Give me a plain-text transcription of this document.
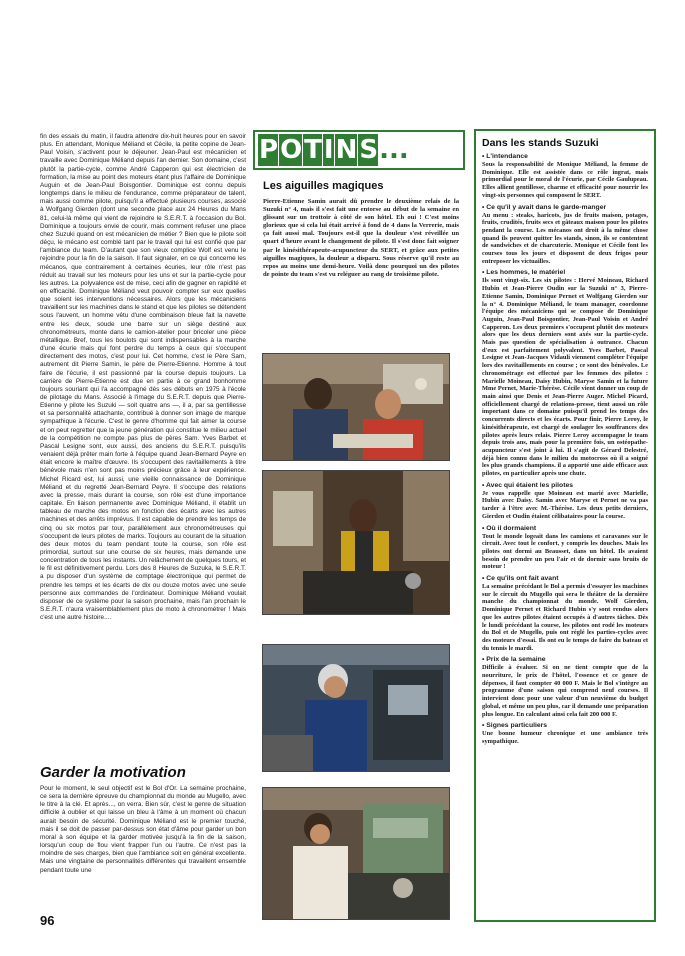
fin des essais du matin, il faudra attendre dix-huit heures pour en savoir plus. En attendant, Monique Méliand et Cécile, la petite copine de Jean-Paul Voisin, s'activent pour le déjeuner. Jean-Paul est mécanicien et travaille avec Dominique Méliand depuis l'an dernier. Son domaine, c'est plutôt la partie-cycle, comme André Capperon qui est électricien de formation, la mise au point des moteurs étant plus l'affaire de Dominique Auguin et de Jean-Paul Boisgontier. Dominique est connu depuis longtemps dans le milieu de l'endurance, comme préparateur de talent, mais aussi comme pilote, puisqu'il a effectué plusieurs courses, associé à Wolfgang Gierden (dont une seconde place aux 24 Heures du Mans 81, celui-là même qui vient de rejoindre le S.E.R.T. à l'occasion du Bol. Dominique a toujours envie de courir, mais comment refuser une place chez Suzuki quand on est mécanicien de métier ? Bien que le pilote soit déçu, le mécano est comblé tant par le travail qui lui est confié que par l'ambiance du team. D'autant que son vieux complice Wolf est venu le rejoindre pour la fin de la saison. Il faut signaler, en ce qui concerne les mécanos, que contrairement à certaines écuries, leur rôle n'est pas réduit au travail sur les moteurs pour les uns et sur la partie-cycle pour les autres. La polyvalence est de mise, ceci afin de gagner en rapidité et en efficacité. Dominique Méliand veut pouvoir compter sur eux quelles que soient les interventions nécessaires. Alors que les mécaniciens travaillent sur les machines dans le stand et que les pilotes se détendent sous l'auvent, un homme vêtu d'une combinaison bleue fait la navette entre les deux, soude une barre sur un siège destiné aux chronométreurs, monte dans le camion-atelier pour bricoler une pièce métallique. Bref, tous les boulots qui sont indispensables à la marche d'une écurie mais qui font perdre du temps à ceux qui s'occupent directement des motos, c'est pour lui. Cet homme, c'est le Père Sam, autrement dit Pierre Samin, le père de Pierre-Etienne. Homme à tout faire de l'écurie, il est passionné par la course depuis toujours. La carrière de Pierre-Etienne est due en partie à ce grand bonhomme toujours souriant qui l'a accompagné dès ses débuts en 1975 à l'école de pilotage du Mans. Associé à l'image du S.E.R.T. depuis que Pierre-Etienne y pilote les Suzuki — soit quatre ans —, il a, par sa gentillesse et sa personnalité attachante, contribué à donner son image de marque sympathique à l'écurie. C'est le genre d'homme qui fait aimer la course et on peut regretter que la jeune génération qui constitue le milieu actuel de la compétition ne compte pas plus de pères Sam. Yves Barbet et Pascal Lesigne sont, eux aussi, des anciens du S.E.R.T. puisqu'ils venaient déjà prêter main forte à l'équipe quand Jean-Bernard Peyre en était encore le maître d'œuvre. Ils s'occupent des ravitaillements à titre bénévole mais n'en sont pas moins précieux grâce à leur expérience. Michel Ricard est, lui aussi, une vieille connaissance de Dominique Méliand et du regretté Jean-Bernard Peyre. Il s'occupe des relations avec la presse, mais durant la course, son rôle est d'une importance capitale. En liaison permanente avec Dominique Méliand, il établit un tableau de marche des motos en fonction des écarts avec les autres machines et des arrêts imprévus. Il est capable de prendre les temps de cinq ou six motos par tour, parallèlement aux chronométreuses qui s'occupent de leurs pilotes de marks. Toujours au courant de la situation des deux motos du team pendant toute la course, son rôle est primordial, surtout sur une course de six heures, mais demande une concentration de tous les instants. Un relâchement de quelques tours, et le fil est définitivement perdu. Lors des 8 Heures de Suzuka, le S.E.R.T. a pu disposer d'un système de comptage électronique qui permet de prendre les temps et les écarts de dix ou douze motos avec une seule personne aux commandes de l'ordinateur. Dominique Méliand voulait disposer de ce système pour la saison prochaine, mais l'an prochain le S.E.R.T. n'aura vraisemblablement plus de moto à chronométrer ! Mais c'est une autre histoire....

Garder la motivation

Pour le moment, le seul objectif est le Bol d'Or. La semaine prochaine, ce sera la dernière épreuve du championnat du monde au Mugello, avec le titre à la clé. Et après..., on verra. Bien sûr, c'est le genre de situation difficile à oublier et qui laisse un bleu à l'âme à un moment où chacun aurait besoin de sécurité. Dominique Méliand est le premier touché, mais il se doit de passer par-dessus son état d'âme pour garder un bon moral à son équipe et la garder motivée jusqu'à la fin de la saison, lorsqu'un coup de flou vient frapper l'un ou l'autre. Ce n'est pas la moindre de ses charges, bien que l'ambiance soit en général excellente. Mais une vingtaine de personnalités différentes qui travaillent ensemble pendant toute une

96
P O T I N S ...
Les aiguilles magiques
Pierre-Etienne Samin aurait dû prendre le deuxième relais de la Suzuki n° 4, mais il s'est fait une entorse au début de la semaine en glissant sur un trottoir à côté de son hôtel. Eh oui ! C'est moins glorieux que si cela lui était arrivé à fond de 4 dans la Verrerie, mais ça fait aussi mal. Toujours est-il que la douleur s'est réveillée un quart d'heure avant le changement de pilote. Il s'est donc fait soigner par le kinésithérapeute-acupuncteur du SERT, et grâce aux petites aiguilles magiques, la douleur a disparu. Sous réserve qu'il reste au repos au moins une demi-heure. Voilà donc pourquoi un des pilotes de pointe du team s'est vu reléguer au rang de troisième pilote.
Dans les stands Suzuki
• L'intendance
Sous la responsabilité de Monique Méliand, la femme de Dominique. Elle est assistée dans ce rôle ingrat, mais primordial pour le moral de l'écurie, par Cécile Gaulupeau. Elles allient gentillesse, charme et efficacité pour nourrir les vingt-six personnes qui composent le SERT.
• Ce qu'il y avait dans le garde-manger
Au menu : steaks, haricots, jus de fruits maison, potages, fruits, crudités, fruits secs et gâteaux maison pour les pilotes pendant la course. Les mécanos ont droit à la même chose quand ils peuvent quitter les stands, sinon, ils se contentent de sandwiches et de charcuterie. Monique et Cécile font les courses tous les jours et disposent de deux frigos pour entreposer les victuailles.
• Les hommes, le matériel
Ils sont vingt-six. Les six pilotes : Hervé Moineau, Richard Hubin et Jean-Pierre Oudin sur la Suzuki n° 3, Pierre-Etienne Samin, Dominique Pernet et Wolfgang Gierden sur la n° 4. Dominique Méliand, le team manager, coordonne l'équipe des mécaniciens qui se compose de Dominique Auguin, Jean-Paul Boisgontier, Jean-Paul Voisin et André Capperon. Les deux premiers s'occupent plutôt des moteurs alors que les deux derniers sont axés sur la partie-cycle. Mais pas question de spécialisation à outrance. Chacun d'eux est parfaitement polyvalent. Yves Barbet, Pascal Lesigne et Jean-Jacques Vidauli viennent compléter l'équipe lors des ravitaillements en course ; ce sont des bénévoles. Le chronométrage est effectué par les femmes des pilotes : Marielle Moineau, Daisy Hubin, Maryse Samin et la future Mme Pernet, Marie-Thérèse. Cécile vient donner un coup de main ainsi que Denis et Jean-Pierre Auger. Michel Picard, officiellement chargé de relations-presse, tient aussi un rôle important dans ce domaine puisqu'il prend les temps des concurrents directs et les écarts. Pour finir, Pierre Leroy, le kinésithérapeute, est chargé de soulager les souffrances des pilotes après leurs relais. Pierre Leroy accompagne le team depuis trois ans, mais pour la première fois, un ostéopathe-acupuncteur s'est joint à lui. Il s'agit de Gérard Delestré, déjà bien connu dans le milieu du motocross où il a soigné les plus grands champions. il a apporté une aide efficace aux pilotes, en particulier après une chute.
• Avec qui étaient les pilotes
Je vous rappelle que Moineau est marié avec Marielle, Hubin avec Daisy. Samin avec Maryse et Pernet ne va pas tarder à l'être avec M.-Thérèse. Les deux petits derniers, Gierden et Oudin étaient célibataires pour la course.
• Où il dormaient
Tout le monde logeait dans les camions et caravanes sur le circuit. Avec tout le confort, y compris les douches. Mais les pilotes ont dormi au Beausset, dans un hôtel. Ils avaient besoin de prendre un peu l'air et de dormir sans bruits de moteur !
• Ce qu'ils ont fait avant
La semaine précédant le Bol a permis d'essayer les machines sur le circuit du Mugello qui sera le théâtre de la dernière manche du championnat du monde. Wolf Gierden, Dominique Pernet et Richard Hubin s'y sont rendus alors que les autres pilotes étaient occupés à d'autres tâches. Dès le lundi précédant la course, les pilotes ont rodé les moteurs du Bol et de Mugello, puis ont réglé les parties-cycles avec des moteurs d'essai. Ils ont eu le temps de faire du bateau et du tennis le mardi.
• Prix de la semaine
Difficile à évaluer. Si on ne tient compte que de la nourriture, le prix de l'hôtel, l'essence et ce genre de dépenses, il faut compter 40 000 F. Mais le Bol s'intègre au programme d'une saison qui comprend neuf courses. Il intervient donc pour une valeur d'un neuvième du budget global, et même un peu plus, car il demande une préparation plus longue. En calculant ainsi cela fait 200 000 F.
• Signes particuliers
Une bonne humeur chronique et une ambiance très sympathique.
